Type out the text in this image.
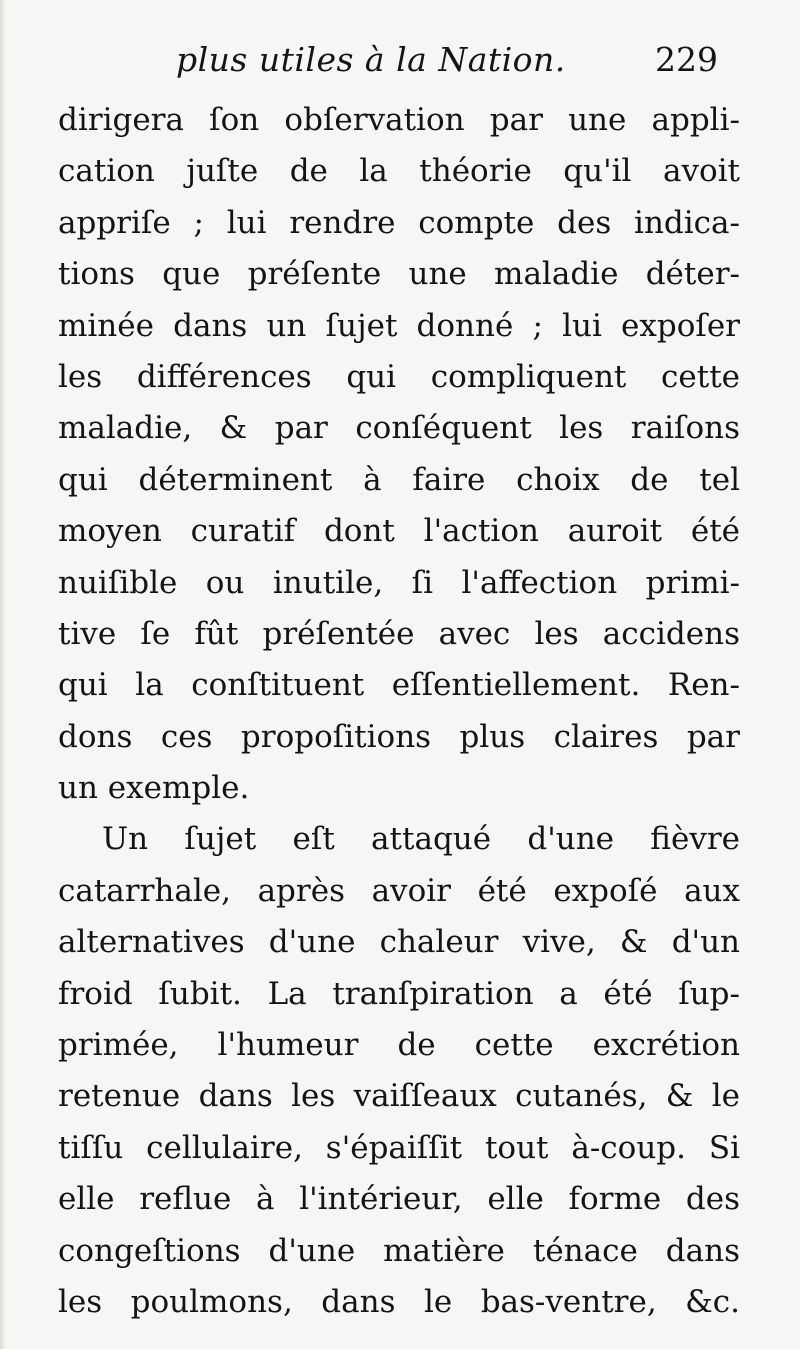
plus utiles à la Nation.	229
dirigera ſon obſervation par une appli-
cation juſte de la théorie qu'il avoit
appriſe ; lui rendre compte des indica-
tions que préſente une maladie déter-
minée dans un ſujet donné ; lui expoſer
les différences qui compliquent cette
maladie, & par conſéquent les raiſons
qui déterminent à faire choix de tel
moyen curatif dont l'action auroit été
nuiſible ou inutile, ſi l'affection primi-
tive ſe fût préſentée avec les accidens
qui la conſtituent eſſentiellement. Ren-
dons ces propoſitions plus claires par
un exemple.
Un ſujet eſt attaqué d'une fièvre
catarrhale, après avoir été expoſé aux
alternatives d'une chaleur vive, & d'un
froid ſubit. La tranſpiration a été ſup-
primée, l'humeur de cette excrétion
retenue dans les vaiſſeaux cutanés, & le
tiſſu cellulaire, s'épaiſſit tout à-coup. Si
elle reflue à l'intérieur, elle forme des
congeſtions d'une matière ténace dans
les poulmons, dans le bas-ventre, &c.
